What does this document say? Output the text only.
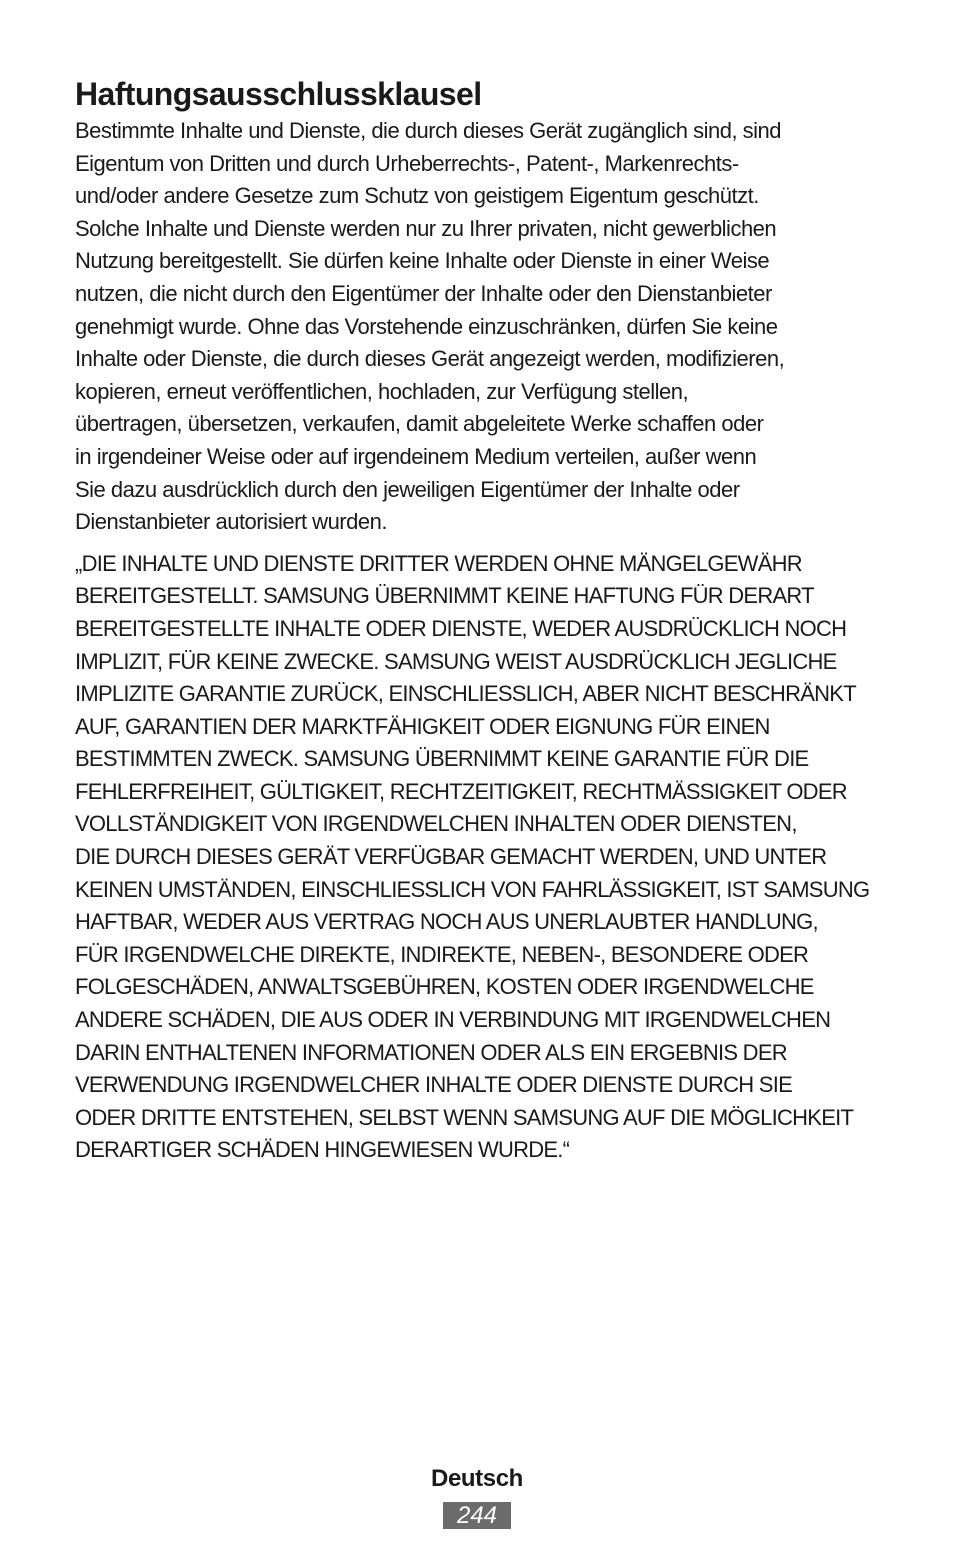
Haftungsausschlussklausel
Bestimmte Inhalte und Dienste, die durch dieses Gerät zugänglich sind, sind
Eigentum von Dritten und durch Urheberrechts-, Patent-, Markenrechts-
und/oder andere Gesetze zum Schutz von geistigem Eigentum geschützt.
Solche Inhalte und Dienste werden nur zu Ihrer privaten, nicht gewerblichen
Nutzung bereitgestellt. Sie dürfen keine Inhalte oder Dienste in einer Weise
nutzen, die nicht durch den Eigentümer der Inhalte oder den Dienstanbieter
genehmigt wurde. Ohne das Vorstehende einzuschränken, dürfen Sie keine
Inhalte oder Dienste, die durch dieses Gerät angezeigt werden, modifizieren,
kopieren, erneut veröffentlichen, hochladen, zur Verfügung stellen,
übertragen, übersetzen, verkaufen, damit abgeleitete Werke schaffen oder
in irgendeiner Weise oder auf irgendeinem Medium verteilen, außer wenn
Sie dazu ausdrücklich durch den jeweiligen Eigentümer der Inhalte oder
Dienstanbieter autorisiert wurden.
„DIE INHALTE UND DIENSTE DRITTER WERDEN OHNE MÄNGELGEWÄHR
BEREITGESTELLT. SAMSUNG ÜBERNIMMT KEINE HAFTUNG FÜR DERART
BEREITGESTELLTE INHALTE ODER DIENSTE, WEDER AUSDRÜCKLICH NOCH
IMPLIZIT, FÜR KEINE ZWECKE. SAMSUNG WEIST AUSDRÜCKLICH JEGLICHE
IMPLIZITE GARANTIE ZURÜCK, EINSCHLIESSLICH, ABER NICHT BESCHRÄNKT
AUF, GARANTIEN DER MARKTFÄHIGKEIT ODER EIGNUNG FÜR EINEN
BESTIMMTEN ZWECK. SAMSUNG ÜBERNIMMT KEINE GARANTIE FÜR DIE
FEHLERFREIHEIT, GÜLTIGKEIT, RECHTZEITIGKEIT, RECHTMÄSSIGKEIT ODER
VOLLSTÄNDIGKEIT VON IRGENDWELCHEN INHALTEN ODER DIENSTEN,
DIE DURCH DIESES GERÄT VERFÜGBAR GEMACHT WERDEN, UND UNTER
KEINEN UMSTÄNDEN, EINSCHLIESSLICH VON FAHRLÄSSIGKEIT, IST SAMSUNG
HAFTBAR, WEDER AUS VERTRAG NOCH AUS UNERLAUBTER HANDLUNG,
FÜR IRGENDWELCHE DIREKTE, INDIREKTE, NEBEN-, BESONDERE ODER
FOLGESCHÄDEN, ANWALTSGEBÜHREN, KOSTEN ODER IRGENDWELCHE
ANDERE SCHÄDEN, DIE AUS ODER IN VERBINDUNG MIT IRGENDWELCHEN
DARIN ENTHALTENEN INFORMATIONEN ODER ALS EIN ERGEBNIS DER
VERWENDUNG IRGENDWELCHER INHALTE ODER DIENSTE DURCH SIE
ODER DRITTE ENTSTEHEN, SELBST WENN SAMSUNG AUF DIE MÖGLICHKEIT
DERARTIGER SCHÄDEN HINGEWIESEN WURDE.“
Deutsch
244
